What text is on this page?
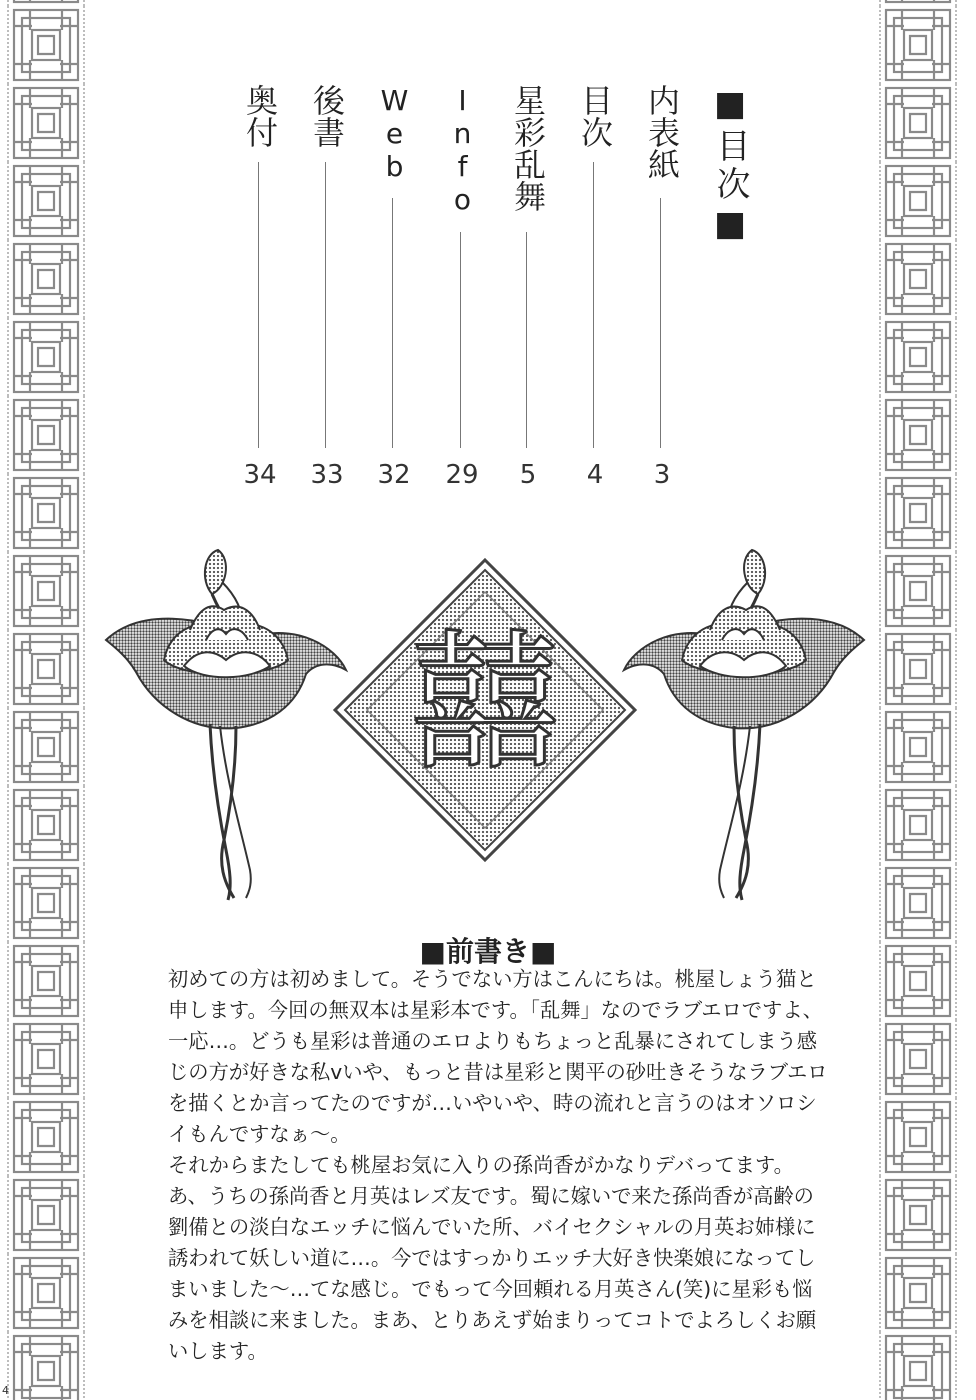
■目次■
内表紙
3
目次
4
星彩乱舞
5
Info
29
Web
32
後書
33
奥付
34
囍
■前書き■

初めての方は初めまして。そうでない方はこんにちは。桃屋しょう猫と申します。今回の無双本は星彩本です。「乱舞」なのでラブエロですよ、一応…。どうも星彩は普通のエロよりもちょっと乱暴にされてしまう感じの方が好きな私vいや、もっと昔は星彩と関平の砂吐きそうなラブエロを描くとか言ってたのですが…いやいや、時の流れと言うのはオソロシイもんですなぁ～。

それからまたしても桃屋お気に入りの孫尚香がかなりデバってます。あ、うちの孫尚香と月英はレズ友です。蜀に嫁いで来た孫尚香が高齢の劉備との淡白なエッチに悩んでいた所、バイセクシャルの月英お姉様に誘われて妖しい道に…。今ではすっかりエッチ大好き快楽娘になってしまいました～…てな感じ。でもって今回頼れる月英さん(笑)に星彩も悩みを相談に来ました。まあ、とりあえず始まりってコトでよろしくお願いします。

4
